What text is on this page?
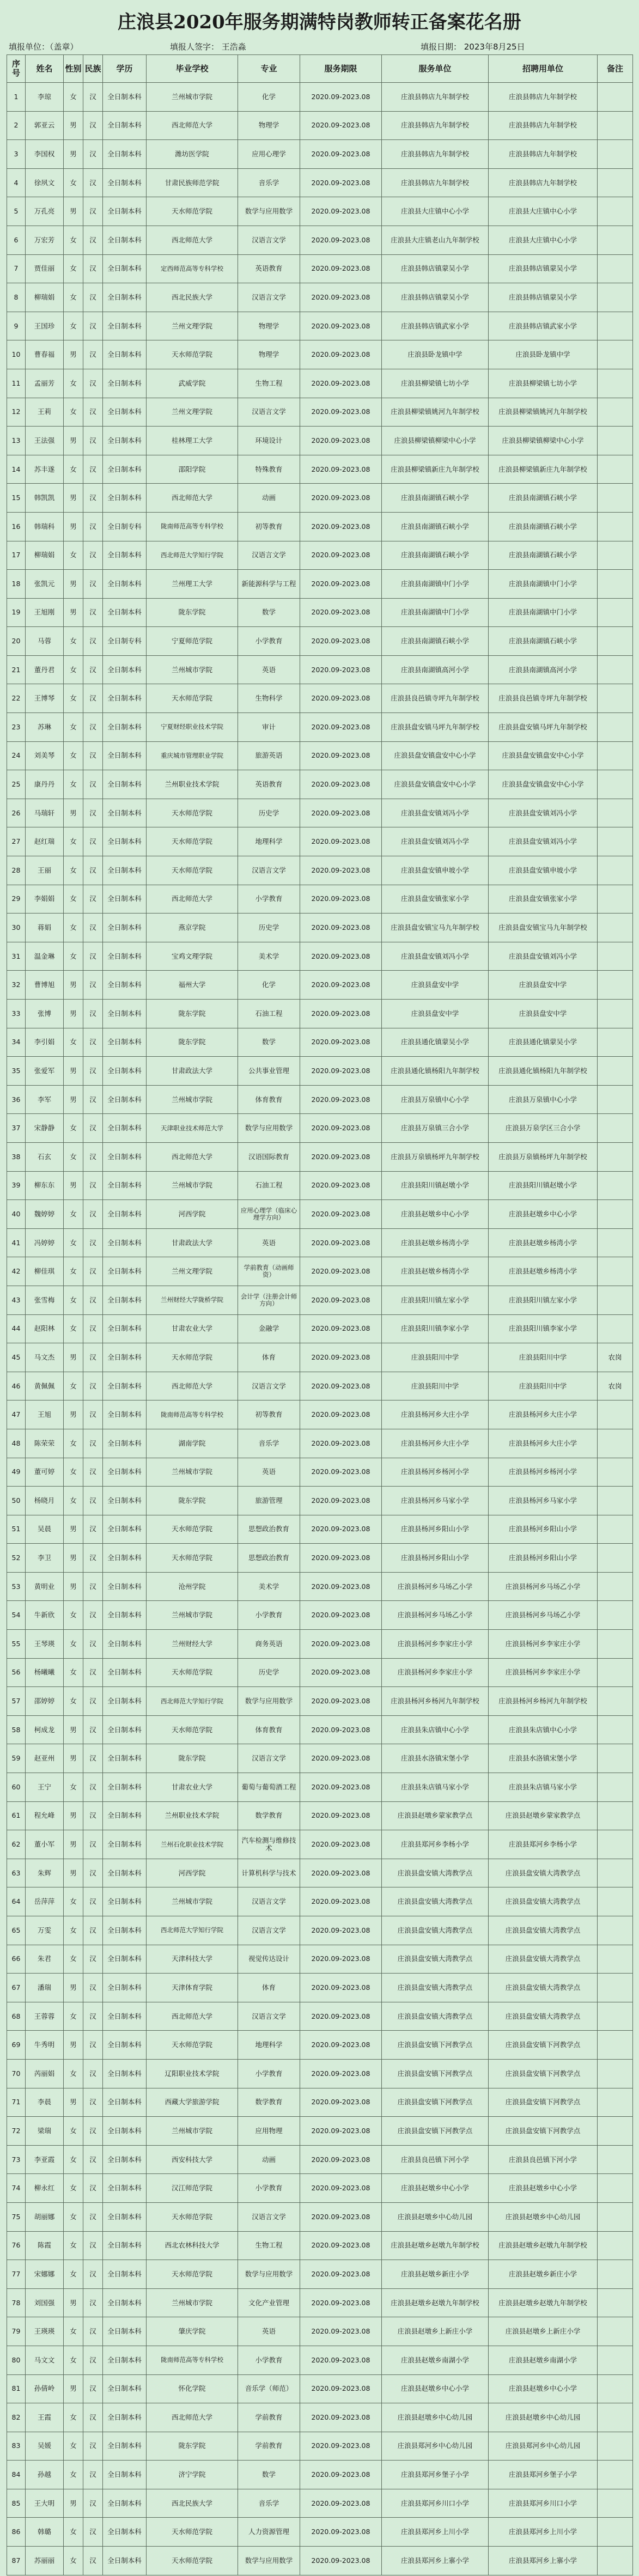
庄浪县2020年服务期满特岗教师转正备案花名册
填报单位：（盖章）	填报人签字： 王浩淼	填报日期： 2023年8月25日
序号	姓名	性别	民族	学历	毕业学校	专业	服务期限	服务单位	招聘用单位	备注
1	李琼	女	汉	全日制本科	兰州城市学院	化学	2020.09-2023.08	庄浪县韩店九年制学校	庄浪县韩店九年制学校	
2	郭亚云	男	汉	全日制本科	西北师范大学	物理学	2020.09-2023.08	庄浪县韩店九年制学校	庄浪县韩店九年制学校	
3	李国权	男	汉	全日制本科	潍坊医学院	应用心理学	2020.09-2023.08	庄浪县韩店九年制学校	庄浪县韩店九年制学校	
4	徐夙文	女	汉	全日制本科	甘肃民族师范学院	音乐学	2020.09-2023.08	庄浪县韩店九年制学校	庄浪县韩店九年制学校	
5	万孔亮	男	汉	全日制本科	天水师范学院	数学与应用数学	2020.09-2023.08	庄浪县大庄镇中心小学	庄浪县大庄镇中心小学	
6	万宏芳	女	汉	全日制本科	西北师范大学	汉语言文学	2020.09-2023.08	庄浪县大庄镇老山九年制学校	庄浪县大庄镇中心小学	
7	贾佳丽	女	汉	全日制本科	定西师范高等专科学校	英语教育	2020.09-2023.08	庄浪县韩店镇蒙吴小学	庄浪县韩店镇蒙吴小学	
8	柳瑞娟	女	汉	全日制本科	西北民族大学	汉语言文学	2020.09-2023.08	庄浪县韩店镇蒙吴小学	庄浪县韩店镇蒙吴小学	
9	王国珍	女	汉	全日制本科	兰州文理学院	物理学	2020.09-2023.08	庄浪县韩店镇武家小学	庄浪县韩店镇武家小学	
10	曹春福	男	汉	全日制本科	天水师范学院	物理学	2020.09-2023.08	庄浪县卧龙镇中学	庄浪县卧龙镇中学	
11	孟丽芳	女	汉	全日制本科	武威学院	生物工程	2020.09-2023.08	庄浪县柳梁镇七坊小学	庄浪县柳梁镇七坊小学	
12	王莉	女	汉	全日制本科	兰州文理学院	汉语言文学	2020.09-2023.08	庄浪县柳梁镇姚河九年制学校	庄浪县柳梁镇姚河九年制学校	
13	王法强	男	汉	全日制本科	桂林理工大学	环境设计	2020.09-2023.08	庄浪县柳梁镇柳梁中心小学	庄浪县柳梁镇柳梁中心小学	
14	苏丰遂	女	汉	全日制本科	邵阳学院	特殊教育	2020.09-2023.08	庄浪县柳梁镇新庄九年制学校	庄浪县柳梁镇新庄九年制学校	
15	韩凯凯	男	汉	全日制本科	西北师范大学	动画	2020.09-2023.08	庄浪县南湖镇石峡小学	庄浪县南湖镇石峡小学	
16	韩瑞科	男	汉	全日制专科	陇南师范高等专科学校	初等教育	2020.09-2023.08	庄浪县南湖镇石峡小学	庄浪县南湖镇石峡小学	
17	柳瑞娟	女	汉	全日制本科	西北师范大学知行学院	汉语言文学	2020.09-2023.08	庄浪县南湖镇石峡小学	庄浪县南湖镇石峡小学	
18	张凯元	男	汉	全日制本科	兰州理工大学	新能源科学与工程	2020.09-2023.08	庄浪县南湖镇中门小学	庄浪县南湖镇中门小学	
19	王旭刚	男	汉	全日制本科	陇东学院	数学	2020.09-2023.08	庄浪县南湖镇中门小学	庄浪县南湖镇中门小学	
20	马蓉	女	汉	全日制专科	宁夏师范学院	小学教育	2020.09-2023.08	庄浪县南湖镇石峡小学	庄浪县南湖镇石峡小学	
21	董丹君	女	汉	全日制本科	兰州城市学院	英语	2020.09-2023.08	庄浪县南湖镇高河小学	庄浪县南湖镇高河小学	
22	王博琴	女	汉	全日制本科	天水师范学院	生物科学	2020.09-2023.08	庄浪县良邑镇寺坪九年制学校	庄浪县良邑镇寺坪九年制学校	
23	苏琳	女	汉	全日制本科	宁夏财经职业技术学院	审计	2020.09-2023.08	庄浪县盘安镇马坪九年制学校	庄浪县盘安镇马坪九年制学校	
24	刘美琴	女	汉	全日制本科	重庆城市管理职业学院	旅游英语	2020.09-2023.08	庄浪县盘安镇盘安中心小学	庄浪县盘安镇盘安中心小学	
25	康丹丹	女	汉	全日制本科	兰州职业技术学院	英语教育	2020.09-2023.08	庄浪县盘安镇盘安中心小学	庄浪县盘安镇盘安中心小学	
26	马瑞轩	男	汉	全日制本科	天水师范学院	历史学	2020.09-2023.08	庄浪县盘安镇刘冯小学	庄浪县盘安镇刘冯小学	
27	赵红瑞	女	汉	全日制本科	天水师范学院	地理科学	2020.09-2023.08	庄浪县盘安镇刘冯小学	庄浪县盘安镇刘冯小学	
28	王丽	女	汉	全日制本科	天水师范学院	汉语言文学	2020.09-2023.08	庄浪县盘安镇申坡小学	庄浪县盘安镇申坡小学	
29	李娟娟	女	汉	全日制本科	西北师范大学	小学教育	2020.09-2023.08	庄浪县盘安镇张家小学	庄浪县盘安镇张家小学	
30	蒋娟	女	汉	全日制本科	燕京学院	历史学	2020.09-2023.08	庄浪县盘安镇宝马九年制学校	庄浪县盘安镇宝马九年制学校	
31	温金琳	女	汉	全日制本科	宝鸡文理学院	美术学	2020.09-2023.08	庄浪县盘安镇刘冯小学	庄浪县盘安镇刘冯小学	
32	曹博旭	男	汉	全日制本科	福州大学	化学	2020.09-2023.08	庄浪县盘安中学	庄浪县盘安中学	
33	张博	男	汉	全日制本科	陇东学院	石油工程	2020.09-2023.08	庄浪县盘安中学	庄浪县盘安中学	
34	李引娟	女	汉	全日制本科	陇东学院	数学	2020.09-2023.08	庄浪县通化镇蒙吴小学	庄浪县通化镇蒙吴小学	
35	张爱军	男	汉	全日制本科	甘肃政法大学	公共事业管理	2020.09-2023.08	庄浪县通化镇杨阳九年制学校	庄浪县通化镇杨阳九年制学校	
36	李军	男	汉	全日制本科	兰州城市学院	体育教育	2020.09-2023.08	庄浪县万泉镇中心小学	庄浪县万泉镇中心小学	
37	宋静静	女	汉	全日制本科	天津职业技术师范大学	数学与应用数学	2020.09-2023.08	庄浪县万泉镇三合小学	庄浪县万泉学区三合小学	
38	石玄	女	汉	全日制本科	西北师范大学	汉语国际教育	2020.09-2023.08	庄浪县万泉镇杨坪九年制学校	庄浪县万泉镇杨坪九年制学校	
39	柳东东	男	汉	全日制本科	兰州城市学院	石油工程	2020.09-2023.08	庄浪县阳川镇赵墩小学	庄浪县阳川镇赵墩小学	
40	魏婷婷	女	汉	全日制本科	河西学院	应用心理学（临床心理学方向）	2020.09-2023.08	庄浪县赵墩乡中心小学	庄浪县赵墩乡中心小学	
41	冯婷婷	女	汉	全日制本科	甘肃政法大学	英语	2020.09-2023.08	庄浪县赵墩乡杨湾小学	庄浪县赵墩乡杨湾小学	
42	柳佳琪	女	汉	全日制本科	兰州文理学院	学前教育（动画师资）	2020.09-2023.08	庄浪县赵墩乡杨湾小学	庄浪县赵墩乡杨湾小学	
43	张雪梅	女	汉	全日制本科	兰州财经大学陇桥学院	会计学（注册会计师方向）	2020.09-2023.08	庄浪县阳川镇左家小学	庄浪县阳川镇左家小学	
44	赵阳林	女	汉	全日制本科	甘肃农业大学	金融学	2020.09-2023.08	庄浪县阳川镇李家小学	庄浪县阳川镇李家小学	
45	马文杰	男	汉	全日制本科	天水师范学院	体育	2020.09-2023.08	庄浪县阳川中学	庄浪县阳川中学	农岗
46	黄佩佩	女	汉	全日制本科	西北师范大学	汉语言文学	2020.09-2023.08	庄浪县阳川中学	庄浪县阳川中学	农岗
47	王旭	男	汉	全日制本科	陇南师范高等专科学校	初等教育	2020.09-2023.08	庄浪县杨河乡大庄小学	庄浪县杨河乡大庄小学	
48	陈荣荣	女	汉	全日制本科	湖南学院	音乐学	2020.09-2023.08	庄浪县杨河乡大庄小学	庄浪县杨河乡大庄小学	
49	董可婷	女	汉	全日制本科	兰州城市学院	英语	2020.09-2023.08	庄浪县杨河乡杨河小学	庄浪县杨河乡杨河小学	
50	杨晓月	女	汉	全日制本科	陇东学院	旅游管理	2020.09-2023.08	庄浪县杨河乡马家小学	庄浪县杨河乡马家小学	
51	吴晨	男	汉	全日制本科	天水师范学院	思想政治教育	2020.09-2023.08	庄浪县杨河乡阳山小学	庄浪县杨河乡阳山小学	
52	李卫	男	汉	全日制本科	天水师范学院	思想政治教育	2020.09-2023.08	庄浪县杨河乡阳山小学	庄浪县杨河乡阳山小学	
53	黄明业	男	汉	全日制本科	沧州学院	美术学	2020.09-2023.08	庄浪县杨河乡马场乙小学	庄浪县杨河乡马场乙小学	
54	牛新欣	女	汉	全日制本科	兰州城市学院	小学教育	2020.09-2023.08	庄浪县杨河乡马场乙小学	庄浪县杨河乡马场乙小学	
55	王琴瑛	女	汉	全日制本科	兰州财经大学	商务英语	2020.09-2023.08	庄浪县杨河乡李家庄小学	庄浪县杨河乡李家庄小学	
56	杨曦曦	女	汉	全日制本科	天水师范学院	历史学	2020.09-2023.08	庄浪县杨河乡李家庄小学	庄浪县杨河乡李家庄小学	
57	邵婷婷	女	汉	全日制本科	西北师范大学知行学院	数学与应用数学	2020.09-2023.08	庄浪县杨河乡杨河九年制学校	庄浪县杨河乡杨河九年制学校	
58	柯成龙	男	汉	全日制本科	天水师范学院	体育教育	2020.09-2023.08	庄浪县朱店镇中心小学	庄浪县朱店镇中心小学	
59	赵亚州	男	汉	全日制本科	陇东学院	汉语言文学	2020.09-2023.08	庄浪县水洛镇宋堡小学	庄浪县水洛镇宋堡小学	
60	王宁	女	汉	全日制本科	甘肃农业大学	葡萄与葡萄酒工程	2020.09-2023.08	庄浪县朱店镇马家小学	庄浪县朱店镇马家小学	
61	程允峰	男	汉	全日制本科	兰州职业技术学院	数学教育	2020.09-2023.08	庄浪县赵墩乡蒙家教学点	庄浪县赵墩乡蒙家教学点	
62	董小军	男	汉	全日制本科	兰州石化职业技术学院	汽车检测与维修技术	2020.09-2023.08	庄浪县郑河乡李杨小学	庄浪县郑河乡李杨小学	
63	朱辉	男	汉	全日制本科	河西学院	计算机科学与技术	2020.09-2023.08	庄浪县盘安镇大湾教学点	庄浪县盘安镇大湾教学点	
64	岳萍萍	女	汉	全日制本科	兰州城市学院	汉语言文学	2020.09-2023.08	庄浪县盘安镇大湾教学点	庄浪县盘安镇大湾教学点	
65	万雯	女	汉	全日制本科	西北师范大学知行学院	汉语言文学	2020.09-2023.08	庄浪县盘安镇大湾教学点	庄浪县盘安镇大湾教学点	
66	朱君	女	汉	全日制本科	天津科技大学	视觉传达设计	2020.09-2023.08	庄浪县盘安镇大湾教学点	庄浪县盘安镇大湾教学点	
67	潘瑞	男	汉	全日制本科	天津体育学院	体育	2020.09-2023.08	庄浪县盘安镇大湾教学点	庄浪县盘安镇大湾教学点	
68	王蓉蓉	女	汉	全日制本科	西北师范大学	汉语言文学	2020.09-2023.08	庄浪县盘安镇大湾教学点	庄浪县盘安镇大湾教学点	
69	牛秀明	男	汉	全日制本科	天水师范学院	地理科学	2020.09-2023.08	庄浪县盘安镇下河教学点	庄浪县盘安镇下河教学点	
70	芮丽娟	女	汉	全日制本科	辽阳职业技术学院	小学教育	2020.09-2023.08	庄浪县盘安镇下河教学点	庄浪县盘安镇下河教学点	
71	李晨	男	汉	全日制本科	西藏大学旅游学院	数学教育	2020.09-2023.08	庄浪县盘安镇下河教学点	庄浪县盘安镇下河教学点	
72	梁瑞	女	汉	全日制本科	兰州城市学院	应用物理	2020.09-2023.08	庄浪县盘安镇下河教学点	庄浪县盘安镇下河教学点	
73	李亚霞	女	汉	全日制本科	西安科技大学	动画	2020.09-2023.08	庄浪县良邑镇下河小学	庄浪县良邑镇下河小学	
74	柳永红	女	汉	全日制本科	汉江师范学院	小学教育	2020.09-2023.08	庄浪县赵墩乡中心小学	庄浪县赵墩乡中心小学	
75	胡丽娜	女	汉	全日制本科	天水师范学院	汉语言文学	2020.09-2023.08	庄浪县赵墩乡中心幼儿园	庄浪县赵墩乡中心幼儿园	
76	陈霞	女	汉	全日制本科	西北农林科技大学	生物工程	2020.09-2023.08	庄浪县赵墩乡赵墩九年制学校	庄浪县赵墩乡赵墩九年制学校	
77	宋娜娜	女	汉	全日制本科	天水师范学院	数学与应用数学	2020.09-2023.08	庄浪县赵墩乡新庄小学	庄浪县赵墩乡新庄小学	
78	刘国强	男	汉	全日制本科	兰州城市学院	文化产业管理	2020.09-2023.08	庄浪县赵墩乡赵墩九年制学校	庄浪县赵墩乡赵墩九年制学校	
79	王瑛瑛	女	汉	全日制本科	肇庆学院	英语	2020.09-2023.08	庄浪县赵墩乡上新庄小学	庄浪县赵墩乡上新庄小学	
80	马文文	女	汉	全日制本科	陇南师范高等专科学校	小学教育	2020.09-2023.08	庄浪县赵墩乡南湖小学	庄浪县赵墩乡南湖小学	
81	孙倩岭	男	汉	全日制本科	怀化学院	音乐学（师范）	2020.09-2023.08	庄浪县赵墩乡中心小学	庄浪县赵墩乡中心小学	
82	王霞	女	汉	全日制本科	西北师范大学	学前教育	2020.09-2023.08	庄浪县赵墩乡中心幼儿园	庄浪县赵墩乡中心幼儿园	
83	吴媛	女	汉	全日制本科	陇东学院	学前教育	2020.09-2023.08	庄浪县郑河乡中心幼儿园	庄浪县郑河乡中心幼儿园	
84	孙越	女	汉	全日制本科	济宁学院	数学	2020.09-2023.08	庄浪县郑河乡堡子小学	庄浪县郑河乡堡子小学	
85	王大明	男	汉	全日制本科	西北民族大学	音乐学	2020.09-2023.08	庄浪县郑河乡川口小学	庄浪县郑河乡川口小学	
86	韩璐	女	汉	全日制本科	天水师范学院	人力资源管理	2020.09-2023.08	庄浪县郑河乡上川小学	庄浪县郑河乡上川小学	
87	苏丽丽	女	汉	全日制本科	天水师范学院	数学与应用数学	2020.09-2023.08	庄浪县郑河乡上寨小学	庄浪县郑河乡上寨小学	
